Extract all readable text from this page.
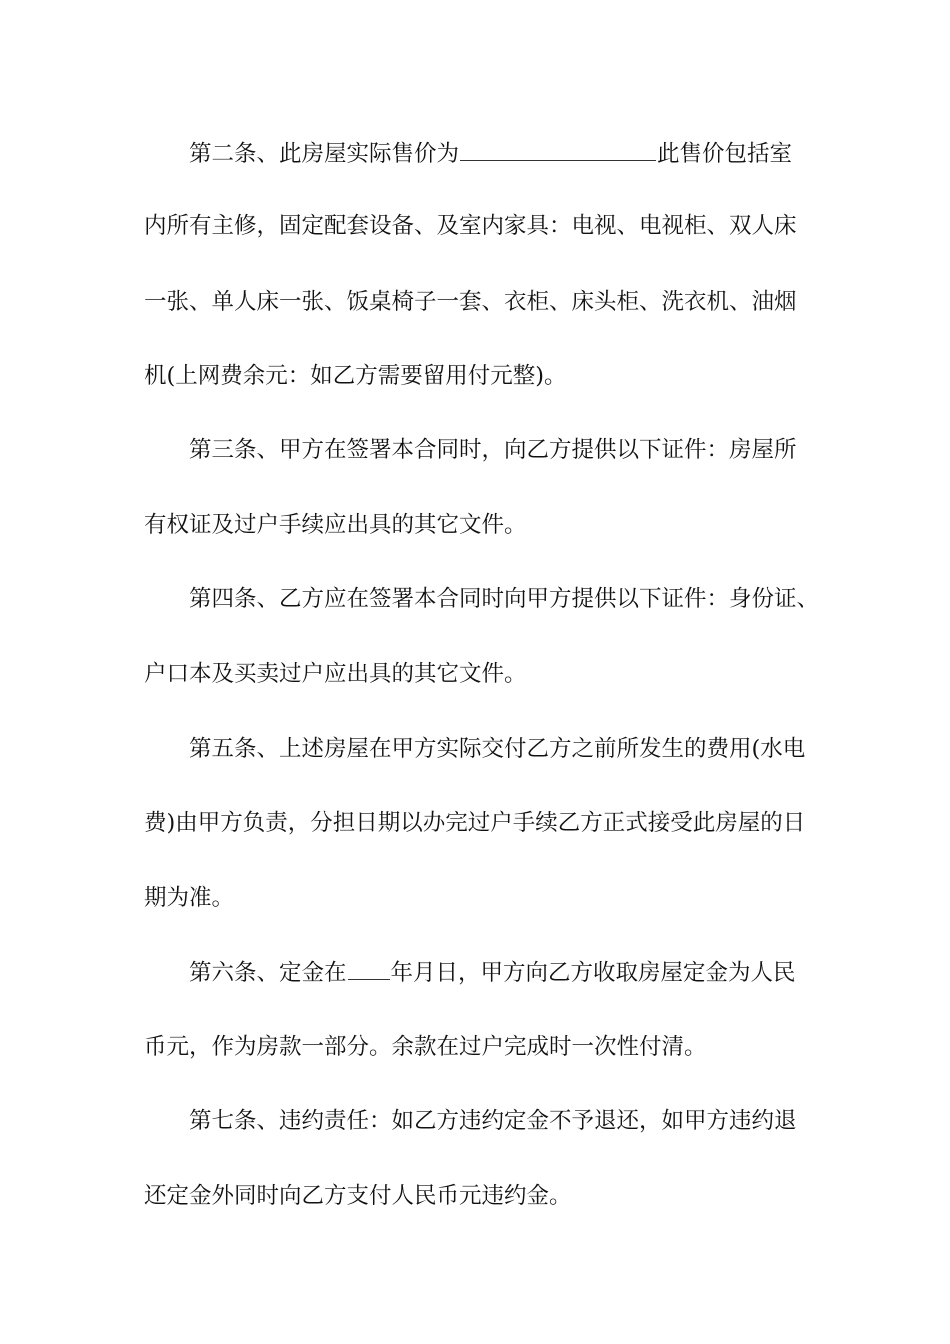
第二条、此房屋实际售价为	此售价包括室
内所有主修，固定配套设备、及室内家具：电视、电视柜、双人床
一张、单人床一张、饭桌椅子一套、衣柜、床头柜、洗衣机、油烟
机(上网费余元：如乙方需要留用付元整)。
第三条、甲方在签署本合同时，向乙方提供以下证件：房屋所
有权证及过户手续应出具的其它文件。
第四条、乙方应在签署本合同时向甲方提供以下证件：身份证、
户口本及买卖过户应出具的其它文件。
第五条、上述房屋在甲方实际交付乙方之前所发生的费用(水电
费)由甲方负责，分担日期以办完过户手续乙方正式接受此房屋的日
期为准。
第六条、定金在 年月日，甲方向乙方收取房屋定金为人民
币元，作为房款一部分。余款在过户完成时一次性付清。
第七条、违约责任：如乙方违约定金不予退还，如甲方违约退
还定金外同时向乙方支付人民币元违约金。
